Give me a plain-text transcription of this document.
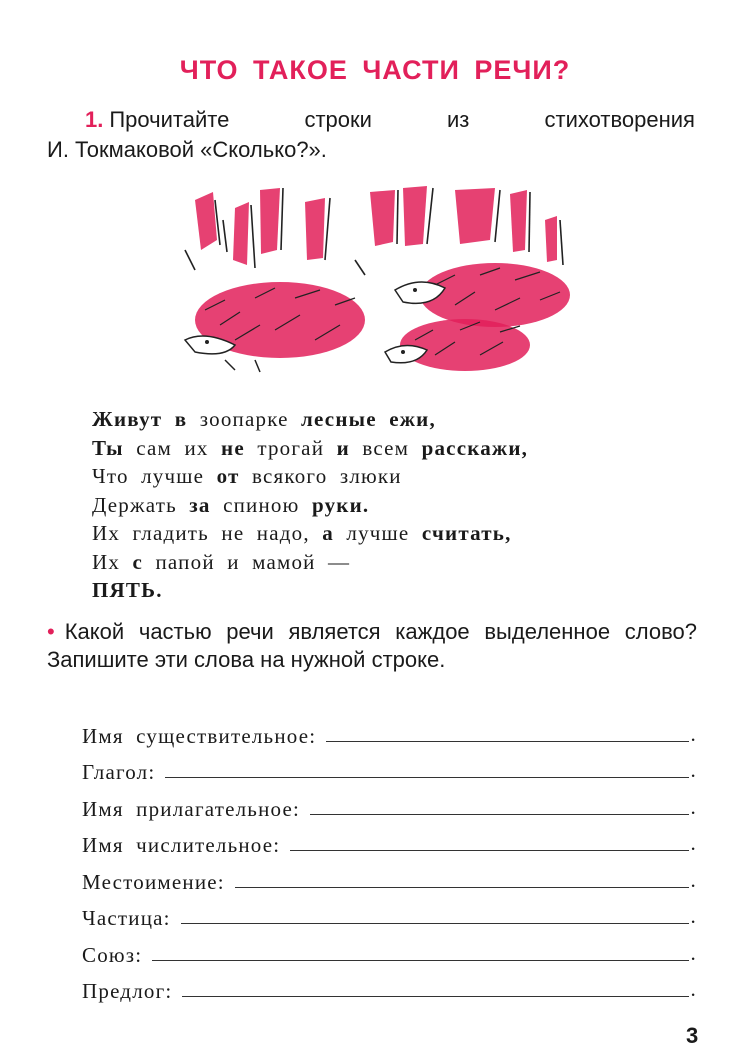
ЧТО ТАКОЕ ЧАСТИ РЕЧИ?
1. Прочитайте	строки	из	стихотворения
И. Токмаковой «Сколько?».
Живут в зоопарке лесные ежи,
Ты сам их не трогай и всем расскажи,
Что лучше от всякого злюки
Держать за спиною руки.
Их гладить не надо, а лучше считать,
Их с папой и мамой —
ПЯТЬ.
• Какой частью речи является каждое выделенное слово? Запишите эти слова на нужной строке.
Имя существительное:	.
Глагол:	.
Имя прилагательное:	.
Имя числительное:	.
Местоимение:	.
Частица:	.
Союз:	.
Предлог:	.
3
